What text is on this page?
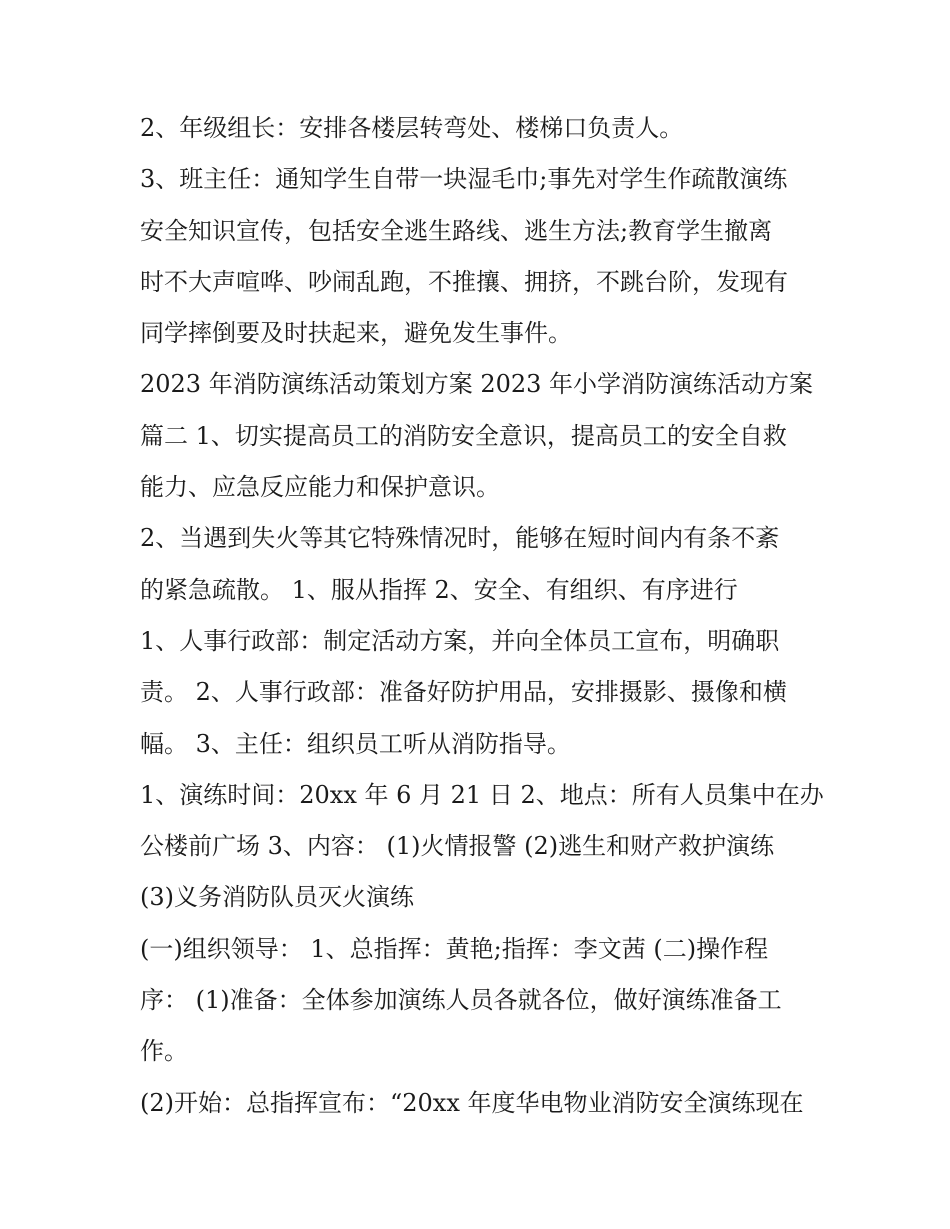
2、年级组长：安排各楼层转弯处、楼梯口负责人。

3、班主任：通知学生自带一块湿毛巾;事先对学生作疏散演练
安全知识宣传，包括安全逃生路线、逃生方法;教育学生撤离
时不大声喧哗、吵闹乱跑，不推攘、拥挤，不跳台阶，发现有
同学摔倒要及时扶起来，避免发生事件。

2023 年消防演练活动策划方案 2023 年小学消防演练活动方案
篇二 1、切实提高员工的消防安全意识，提高员工的安全自救
能力、应急反应能力和保护意识。

2、当遇到失火等其它特殊情况时，能够在短时间内有条不紊
的紧急疏散。 1、服从指挥 2、安全、有组织、有序进行

1、人事行政部：制定活动方案，并向全体员工宣布，明确职
责。 2、人事行政部：准备好防护用品，安排摄影、摄像和横
幅。 3、主任：组织员工听从消防指导。

1、演练时间：20xx 年 6 月 21 日 2、地点：所有人员集中在办
公楼前广场 3、内容： (1)火情报警 (2)逃生和财产救护演练
(3)义务消防队员灭火演练

(一)组织领导： 1、总指挥：黄艳;指挥：李文茜 (二)操作程
序： (1)准备：全体参加演练人员各就各位，做好演练准备工
作。

(2)开始：总指挥宣布：“20xx 年度华电物业消防安全演练现在
